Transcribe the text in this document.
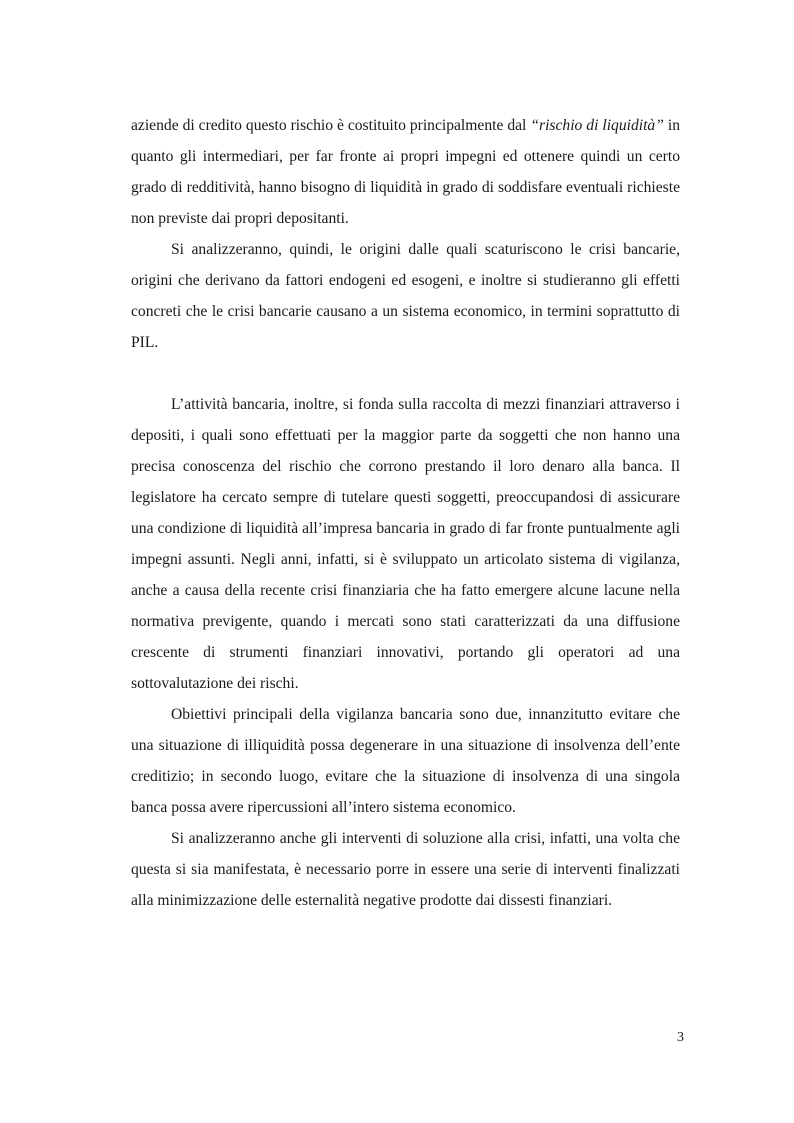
aziende di credito questo rischio è costituito principalmente dal “rischio di liquidità” in quanto gli intermediari, per far fronte ai propri impegni ed ottenere quindi un certo grado di redditività, hanno bisogno di liquidità in grado di soddisfare eventuali richieste non previste dai propri depositanti.

Si analizzeranno, quindi, le origini dalle quali scaturiscono le crisi bancarie, origini che derivano da fattori endogeni ed esogeni, e inoltre si studieranno gli effetti concreti che le crisi bancarie causano a un sistema economico, in termini soprattutto di PIL.

L’attività bancaria, inoltre, si fonda sulla raccolta di mezzi finanziari attraverso i depositi, i quali sono effettuati per la maggior parte da soggetti che non hanno una precisa conoscenza del rischio che corrono prestando il loro denaro alla banca. Il legislatore ha cercato sempre di tutelare questi soggetti, preoccupandosi di assicurare una condizione di liquidità all’impresa bancaria in grado di far fronte puntualmente agli impegni assunti. Negli anni, infatti, si è sviluppato un articolato sistema di vigilanza, anche a causa della recente crisi finanziaria che ha fatto emergere alcune lacune nella normativa previgente, quando i mercati sono stati caratterizzati da una diffusione crescente di strumenti finanziari innovativi, portando gli operatori ad una sottovalutazione dei rischi.

Obiettivi principali della vigilanza bancaria sono due, innanzitutto evitare che una situazione di illiquidità possa degenerare in una situazione di insolvenza dell’ente creditizio; in secondo luogo, evitare che la situazione di insolvenza di una singola banca possa avere ripercussioni all’intero sistema economico.

Si analizzeranno anche gli interventi di soluzione alla crisi, infatti, una volta che questa si sia manifestata, è necessario porre in essere una serie di interventi finalizzati alla minimizzazione delle esternalità negative prodotte dai dissesti finanziari.

3
